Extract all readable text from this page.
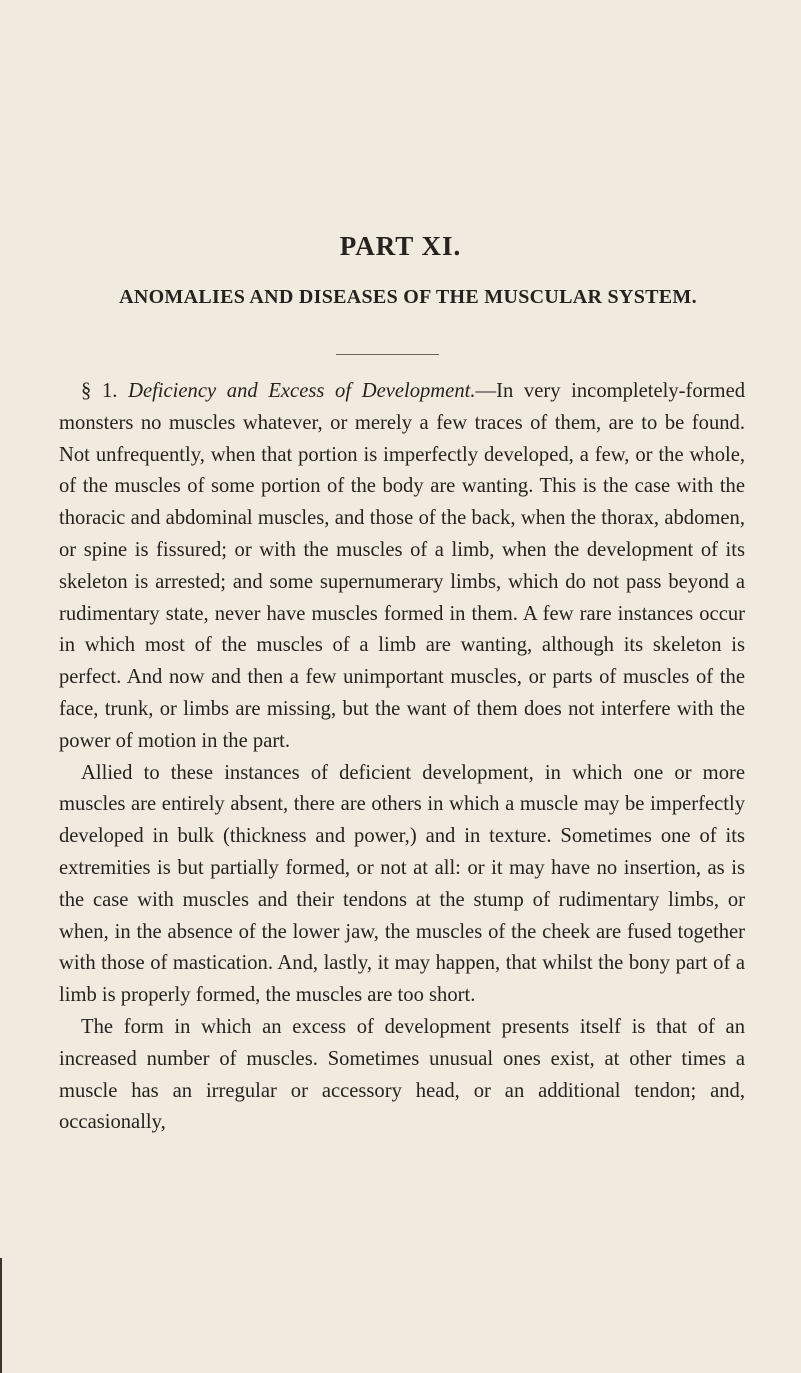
PART XI.
ANOMALIES AND DISEASES OF THE MUSCULAR SYSTEM.

§ 1. Deficiency and Excess of Development.—In very incompletely-formed monsters no muscles whatever, or merely a few traces of them, are to be found. Not unfrequently, when that portion is imperfectly developed, a few, or the whole, of the muscles of some portion of the body are wanting. This is the case with the thoracic and abdominal muscles, and those of the back, when the thorax, abdomen, or spine is fissured; or with the muscles of a limb, when the development of its skeleton is arrested; and some supernumerary limbs, which do not pass beyond a rudimentary state, never have muscles formed in them. A few rare instances occur in which most of the muscles of a limb are wanting, although its skeleton is perfect. And now and then a few unimportant muscles, or parts of muscles of the face, trunk, or limbs are missing, but the want of them does not interfere with the power of motion in the part.

Allied to these instances of deficient development, in which one or more muscles are entirely absent, there are others in which a muscle may be imperfectly developed in bulk (thickness and power,) and in texture. Sometimes one of its extremities is but partially formed, or not at all: or it may have no insertion, as is the case with muscles and their tendons at the stump of rudimentary limbs, or when, in the absence of the lower jaw, the muscles of the cheek are fused together with those of mastication. And, lastly, it may happen, that whilst the bony part of a limb is properly formed, the muscles are too short.

The form in which an excess of development presents itself is that of an increased number of muscles. Sometimes unusual ones exist, at other times a muscle has an irregular or accessory head, or an additional tendon; and, occasionally,
